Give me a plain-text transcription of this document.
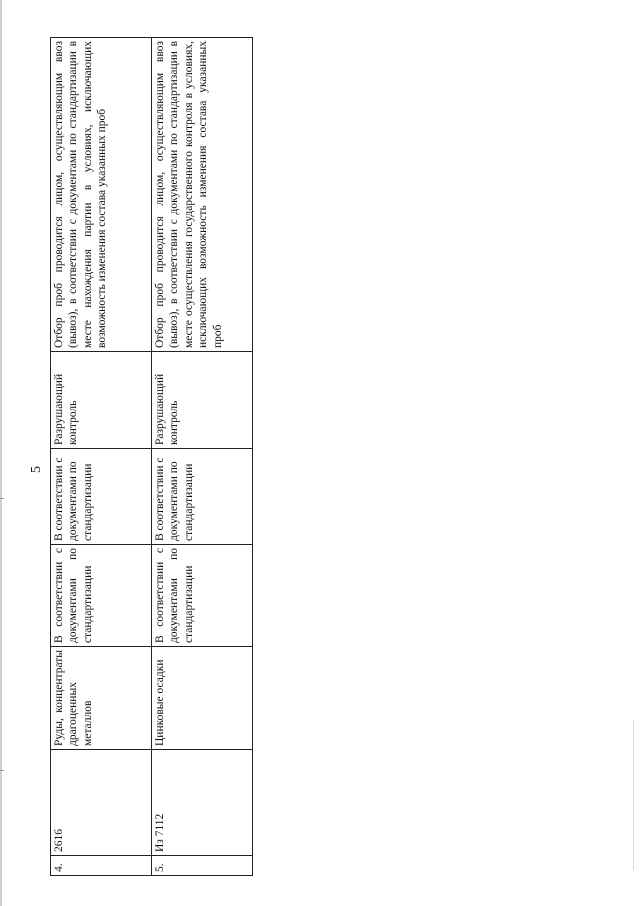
5
4.	2616	Руды, концентраты драгоценных металлов	В соответствии с документами по стандартизации	В соответствии с документами по стандартизации	Разрушающий контроль	Отбор проб проводится лицом, осуществляющим ввоз (вывоз), в соответствии с документами по стандартизации в месте нахождения партии в условиях, исключающих возможность изменения состава указанных проб
5.	Из 7112	Цинковые осадки	В соответствии с документами по стандартизации	В соответствии с документами по стандартизации	Разрушающий контроль	Отбор проб проводится лицом, осуществляющим ввоз (вывоз), в соответствии с документами по стандартизации в месте осуществления государственного контроля в условиях, исключающих возможность изменения состава указанных проб
